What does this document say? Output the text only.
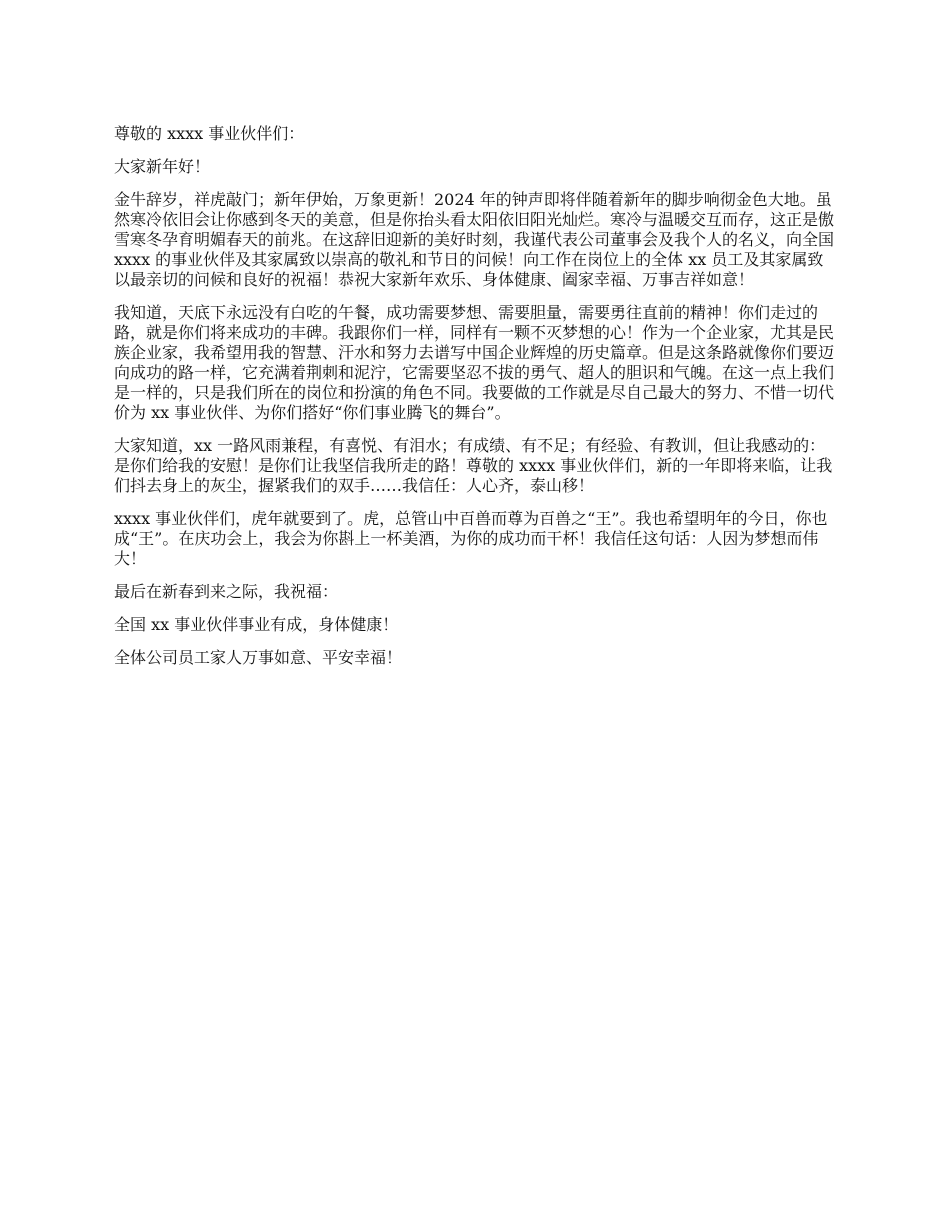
尊敬的 xxxx 事业伙伴们：

大家新年好！

金牛辞岁，祥虎敲门；新年伊始，万象更新！2024 年的钟声即将伴随着新年的脚步响彻金色大地。虽然寒冷依旧会让你感到冬天的美意，但是你抬头看太阳依旧阳光灿烂。寒冷与温暖交互而存，这正是傲雪寒冬孕育明媚春天的前兆。在这辞旧迎新的美好时刻，我谨代表公司董事会及我个人的名义，向全国 xxxx 的事业伙伴及其家属致以崇高的敬礼和节日的问候！向工作在岗位上的全体 xx 员工及其家属致以最亲切的问候和良好的祝福！恭祝大家新年欢乐、身体健康、阖家幸福、万事吉祥如意！

我知道，天底下永远没有白吃的午餐，成功需要梦想、需要胆量，需要勇往直前的精神！你们走过的路，就是你们将来成功的丰碑。我跟你们一样，同样有一颗不灭梦想的心！作为一个企业家，尤其是民族企业家，我希望用我的智慧、汗水和努力去谱写中国企业辉煌的历史篇章。但是这条路就像你们要迈向成功的路一样，它充满着荆刺和泥泞，它需要坚忍不拔的勇气、超人的胆识和气魄。在这一点上我们是一样的，只是我们所在的岗位和扮演的角色不同。我要做的工作就是尽自己最大的努力、不惜一切代价为 xx 事业伙伴、为你们搭好“你们事业腾飞的舞台”。

大家知道，xx 一路风雨兼程，有喜悦、有泪水；有成绩、有不足；有经验、有教训，但让我感动的：是你们给我的安慰！是你们让我坚信我所走的路！尊敬的 xxxx 事业伙伴们，新的一年即将来临，让我们抖去身上的灰尘，握紧我们的双手……我信任：人心齐，泰山移！

xxxx 事业伙伴们，虎年就要到了。虎，总管山中百兽而尊为百兽之“王”。我也希望明年的今日，你也成“王”。在庆功会上，我会为你斟上一杯美酒，为你的成功而干杯！我信任这句话：人因为梦想而伟大！

最后在新春到来之际，我祝福：

全国 xx 事业伙伴事业有成，身体健康！

全体公司员工家人万事如意、平安幸福！
